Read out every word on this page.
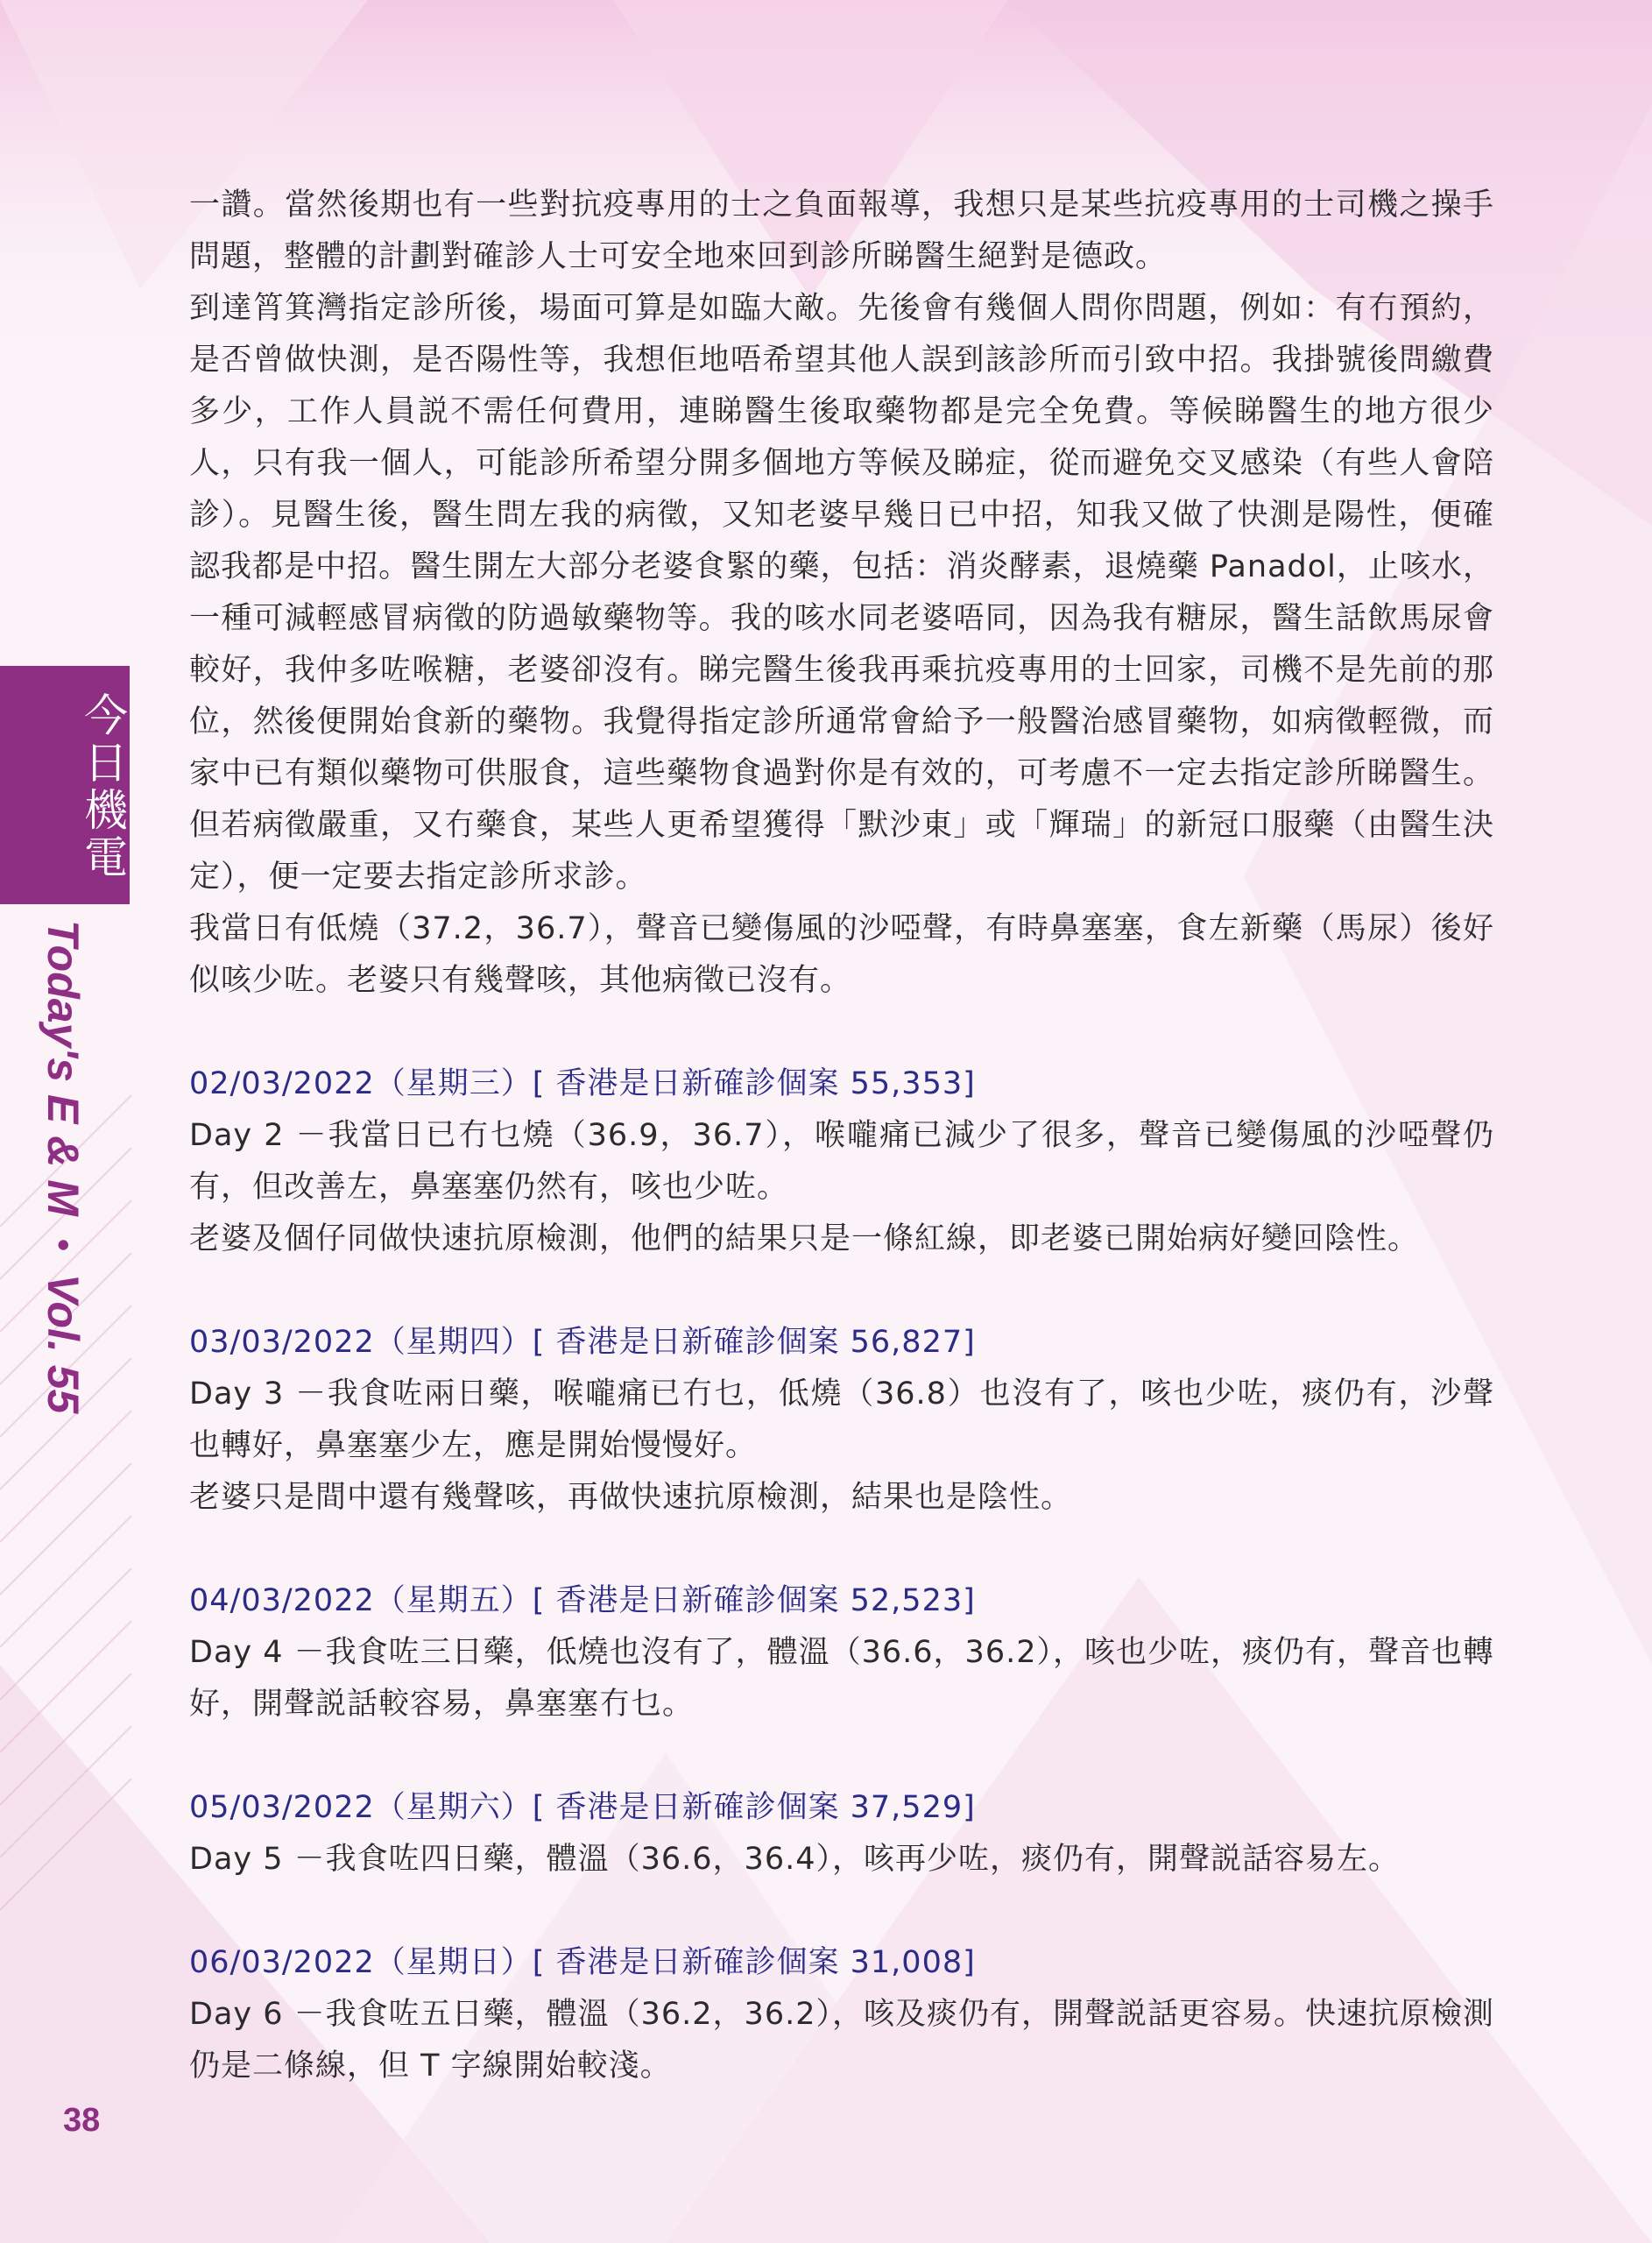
今日機電
Today's E & M
•
Vol. 55
38

一讚。當然後期也有一些對抗疫專用的士之負面報導，我想只是某些抗疫專用的士司機之操手問題，整體的計劃對確診人士可安全地來回到診所睇醫生絕對是德政。

到達筲箕灣指定診所後，場面可算是如臨大敵。先後會有幾個人問你問題，例如：有冇預約，是否曾做快測，是否陽性等，我想佢地唔希望其他人誤到該診所而引致中招。我掛號後問繳費多少，工作人員説不需任何費用，連睇醫生後取藥物都是完全免費。等候睇醫生的地方很少人，只有我一個人，可能診所希望分開多個地方等候及睇症，從而避免交叉感染（有些人會陪診）。見醫生後，醫生問左我的病徵，又知老婆早幾日已中招，知我又做了快測是陽性，便確認我都是中招。醫生開左大部分老婆食緊的藥，包括：消炎酵素，退燒藥 Panadol，止咳水，一種可減輕感冒病徵的防過敏藥物等。我的咳水同老婆唔同，因為我有糖尿，醫生話飲馬尿會較好，我仲多咗喉糖，老婆卻沒有。睇完醫生後我再乘抗疫專用的士回家，司機不是先前的那位，然後便開始食新的藥物。我覺得指定診所通常會給予一般醫治感冒藥物，如病徵輕微，而家中已有類似藥物可供服食，這些藥物食過對你是有效的，可考慮不一定去指定診所睇醫生。但若病徵嚴重，又冇藥食，某些人更希望獲得「默沙東」或「輝瑞」的新冠口服藥（由醫生決定），便一定要去指定診所求診。

我當日有低燒（37.2，36.7），聲音已變傷風的沙啞聲，有時鼻塞塞，食左新藥（馬尿）後好似咳少咗。老婆只有幾聲咳，其他病徵已沒有。

02/03/2022（星期三）[ 香港是日新確診個案 55,353]

Day 2 －我當日已冇乜燒（36.9，36.7），喉嚨痛已減少了很多，聲音已變傷風的沙啞聲仍有，但改善左，鼻塞塞仍然有，咳也少咗。

老婆及個仔同做快速抗原檢測，他們的結果只是一條紅線，即老婆已開始病好變回陰性。

03/03/2022（星期四）[ 香港是日新確診個案 56,827]

Day 3 －我食咗兩日藥，喉嚨痛已冇乜，低燒（36.8）也沒有了，咳也少咗，痰仍有，沙聲也轉好，鼻塞塞少左，應是開始慢慢好。

老婆只是間中還有幾聲咳，再做快速抗原檢測，結果也是陰性。

04/03/2022（星期五）[ 香港是日新確診個案 52,523]

Day 4 －我食咗三日藥，低燒也沒有了，體溫（36.6，36.2），咳也少咗，痰仍有，聲音也轉好，開聲説話較容易，鼻塞塞冇乜。

05/03/2022（星期六）[ 香港是日新確診個案 37,529]

Day 5 －我食咗四日藥，體溫（36.6，36.4），咳再少咗，痰仍有，開聲説話容易左。

06/03/2022（星期日）[ 香港是日新確診個案 31,008]

Day 6 －我食咗五日藥，體溫（36.2，36.2），咳及痰仍有，開聲説話更容易。快速抗原檢測仍是二條線，但 T 字線開始較淺。
